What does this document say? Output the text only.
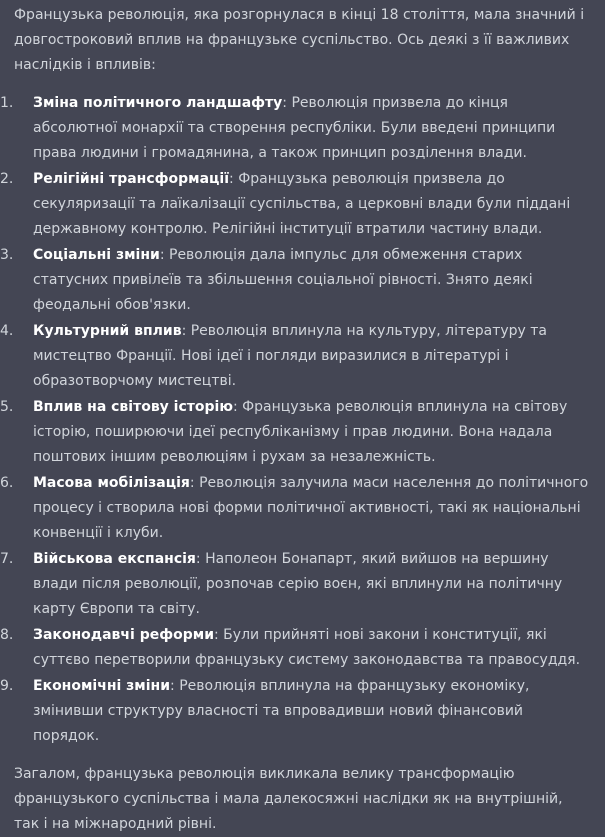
Французька революція, яка розгорнулася в кінці 18 століття, мала значний і довгостроковий вплив на французьке суспільство. Ось деякі з її важливих наслідків і впливів:

1.	Зміна політичного ландшафту: Революція призвела до кінця абсолютної монархії та створення республіки. Були введені принципи права людини і громадянина, а також принцип розділення влади.
2.	Релігійні трансформації: Французька революція призвела до секуляризації та лаїкалізації суспільства, а церковні влади були піддані державному контролю. Релігійні інституції втратили частину влади.
3.	Соціальні зміни: Революція дала імпульс для обмеження старих статусних привілеїв та збільшення соціальної рівності. Знято деякі феодальні обов'язки.
4.	Культурний вплив: Революція вплинула на культуру, літературу та мистецтво Франції. Нові ідеї і погляди виразилися в літературі і образотворчому мистецтві.
5.	Вплив на світову історію: Французька революція вплинула на світову історію, поширюючи ідеї республіканізму і прав людини. Вона надала поштових іншим революціям і рухам за незалежність.
6.	Масова мобілізація: Революція залучила маси населення до політичного процесу і створила нові форми політичної активності, такі як національні конвенції і клуби.
7.	Військова експансія: Наполеон Бонапарт, який вийшов на вершину влади після революції, розпочав серію воєн, які вплинули на політичну карту Європи та світу.
8.	Законодавчі реформи: Були прийняті нові закони і конституції, які суттєво перетворили французьку систему законодавства та правосуддя.
9.	Економічні зміни: Революція вплинула на французьку економіку, змінивши структуру власності та впровадивши новий фінансовий порядок.

Загалом, французька революція викликала велику трансформацію французького суспільства і мала далекосяжні наслідки як на внутрішній, так і на міжнародний рівні.
